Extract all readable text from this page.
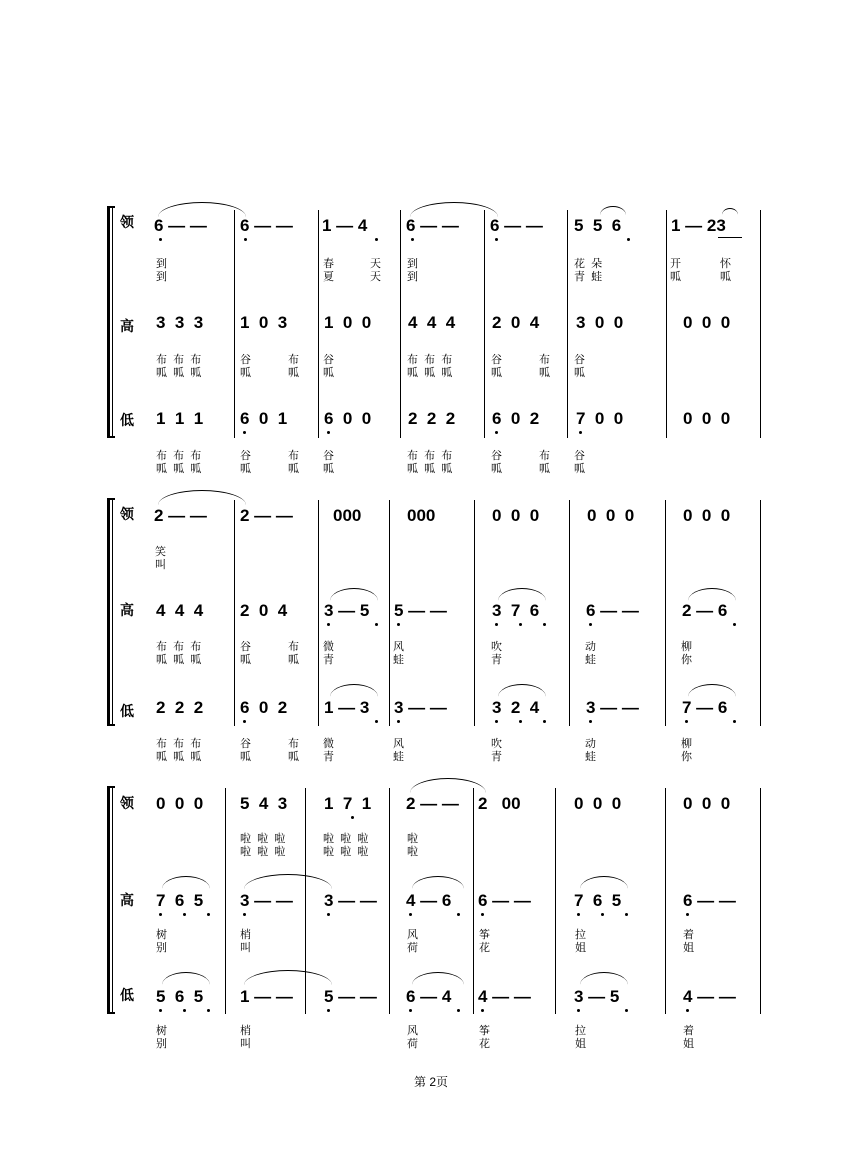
领
高
低
6 — — 6 — — 1 — 4 6 — — 6 — — 5  5  6	1 — 23
到
到
春
夏
天
天
到
到
花  朵
青  蛙
开
呱
怀
呱
3  3  3 1  0  3 1  0  0 4  4  4 2  0  4 3  0  0	0  0  0
布  布  布
呱  呱  呱
谷
呱
布
呱
谷
呱
布  布  布
呱  呱  呱
谷
呱
布
呱
谷
呱
1  1  1 6  0  1 6  0  0 2  2  2 6  0  2 7  0  0	0  0  0
布  布  布
呱  呱  呱
谷
呱
布
呱
谷
呱
布  布  布
呱  呱  呱
谷
呱
布
呱
谷
呱
领
高
低
2 — — 2 — — 000	000	0  0  0	0  0  0	0  0  0
笑
叫
4  4  4 2  0  4 3 — 5 5 — —	3  7  6	6 — —	2 — 6
布  布  布
呱  呱  呱
谷
呱
布
呱
微
青
风
蛙
吹
青
动
蛙
柳
你
2  2  2 6  0  2 1 — 3 3 — —	3  2  4	3 — —	7 — 6
布  布  布
呱  呱  呱
谷
呱
布
呱
微
青
风
蛙
吹
青
动
蛙
柳
你
领
高
低
0  0  0 5  4  3 1  7  1 2 — — 2   00	0  0  0	0  0  0
啦  啦  啦
啦  啦  啦
啦  啦  啦
啦  啦  啦
啦
啦
7  6  5 3 — — 3 — — 4 — 6 6 — —	7  6  5	6 — —
树
别
梢
叫
风
荷
筝
花
拉
姐
着
姐
5  6  5 1 — — 5 — — 6 — 4 4 — —	3 — 5	4 — —
树
别
梢
叫
风
荷
筝
花
拉
姐
着
姐
第 2页
